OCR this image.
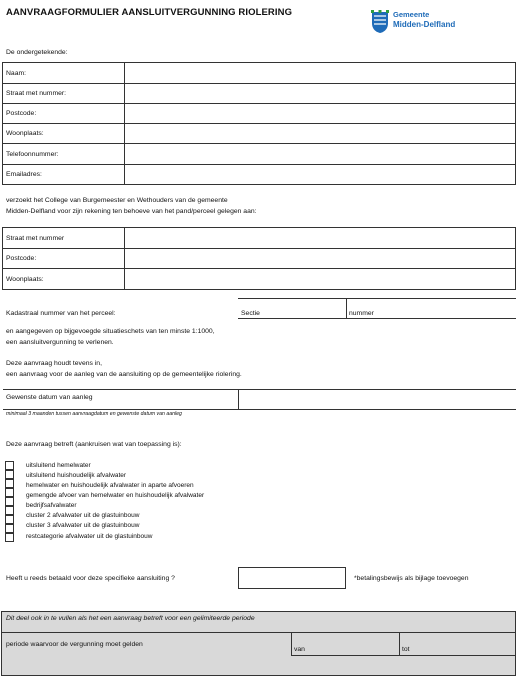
AANVRAAGFORMULIER AANSLUITVERGUNNING RIOLERING	Gemeente
Midden-Delfland
De ondergetekende:
Naam:	
Straat met nummer:	
Postcode:	
Woonplaats:	
Telefoonnummer:	
Emailadres:	
verzoekt het College van Burgemeester en Wethouders van de gemeente
Midden-Delfland voor zijn rekening ten behoeve van het pand/perceel gelegen aan:
Straat met nummer	
Postcode:	
Woonplaats:	
Kadastraal nummer van het perceel:	Sectie	nummer
en aangegeven op bijgevoegde situatieschets van ten minste 1:1000,
een aansluitvergunning te verlenen.
Deze aanvraag houdt tevens in,
een aanvraag voor de aanleg van de aansluiting op de gemeentelijke riolering.
Gewenste datum van aanleg
minimaal 3 maanden tussen aanvraagdatum en gewenste datum van aanleg
Deze aanvraag betreft (aankruisen wat van toepassing is):
uitsluitend hemelwater
uitsluitend huishoudelijk afvalwater
hemelwater en huishoudelijk afvalwater in aparte afvoeren
gemengde afvoer van hemelwater en huishoudelijk afvalwater
bedrijfsafvalwater
cluster 2 afvalwater uit de glastuinbouw
cluster 3 afvalwater uit de glastuinbouw
restcategorie afvalwater uit de glastuinbouw
Heeft u reeds betaald voor deze specifieke aansluiting ?	*betalingsbewijs als bijlage toevoegen
Dit deel ook in te vullen als het een aanvraag betreft voor een gelimiteerde periode
periode waarvoor de vergunning moet gelden
van	tot
